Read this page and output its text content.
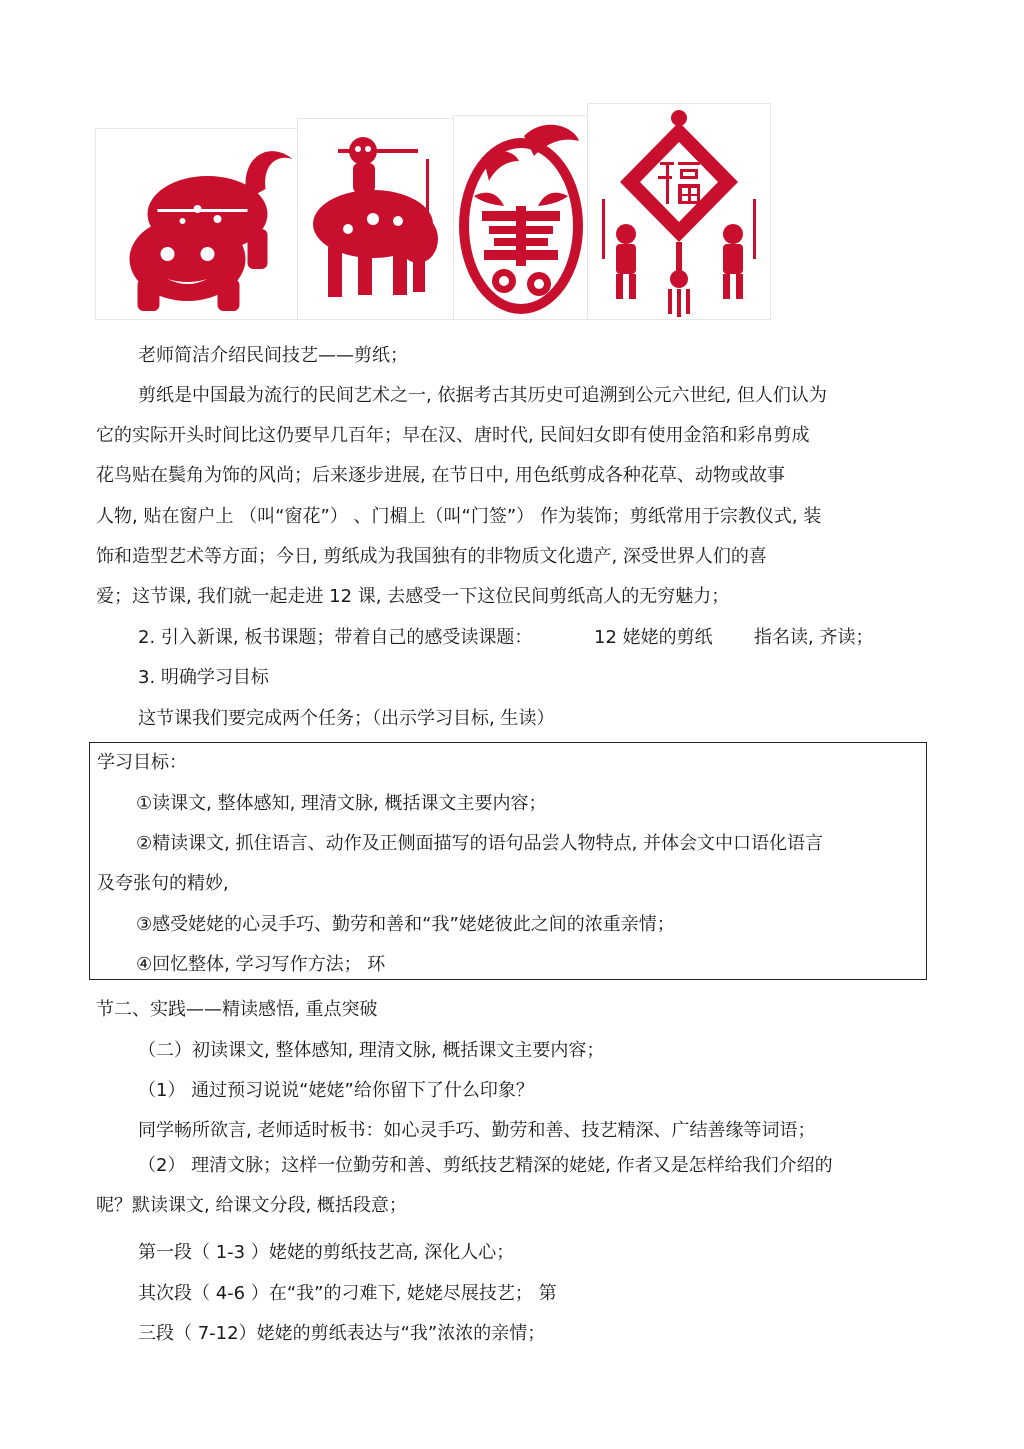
老师简洁介绍民间技艺——剪纸；
剪纸是中国最为流行的民间艺术之一, 依据考古其历史可追溯到公元六世纪, 但人们认为
它的实际开头时间比这仍要早几百年；早在汉、唐时代, 民间妇女即有使用金箔和彩帛剪成
花鸟贴在鬓角为饰的风尚；后来逐步进展, 在节日中, 用色纸剪成各种花草、动物或故事
人物, 贴在窗户上 （叫“窗花”） 、门楣上（叫“门签”） 作为装饰；剪纸常用于宗教仪式, 装
饰和造型艺术等方面；今日, 剪纸成为我国独有的非物质文化遗产, 深受世界人们的喜
爱；这节课, 我们就一起走进 12 课, 去感受一下这位民间剪纸高人的无穷魅力；
2. 引入新课, 板书课题；带着自己的感受读课题：	12 姥姥的剪纸 指名读, 齐读；
3. 明确学习目标
这节课我们要完成两个任务；（出示学习目标, 生读）
学习目标：
①读课文, 整体感知, 理清文脉, 概括课文主要内容；
②精读课文, 抓住语言、动作及正侧面描写的语句品尝人物特点, 并体会文中口语化语言
及夸张句的精妙,
③感受姥姥的心灵手巧、勤劳和善和“我”姥姥彼此之间的浓重亲情；
④回忆整体, 学习写作方法； 环
节二、实践——精读感悟, 重点突破
（二）初读课文, 整体感知, 理清文脉, 概括课文主要内容；
（1） 通过预习说说“姥姥”给你留下了什么印象？
同学畅所欲言, 老师适时板书：如心灵手巧、勤劳和善、技艺精深、广结善缘等词语；
（2） 理清文脉；这样一位勤劳和善、剪纸技艺精深的姥姥, 作者又是怎样给我们介绍的
呢？默读课文, 给课文分段, 概括段意；
第一段（ 1-3 ）姥姥的剪纸技艺高, 深化人心；
其次段（ 4-6 ）在“我”的刁难下, 姥姥尽展技艺； 第
三段（ 7-12）姥姥的剪纸表达与“我”浓浓的亲情；
